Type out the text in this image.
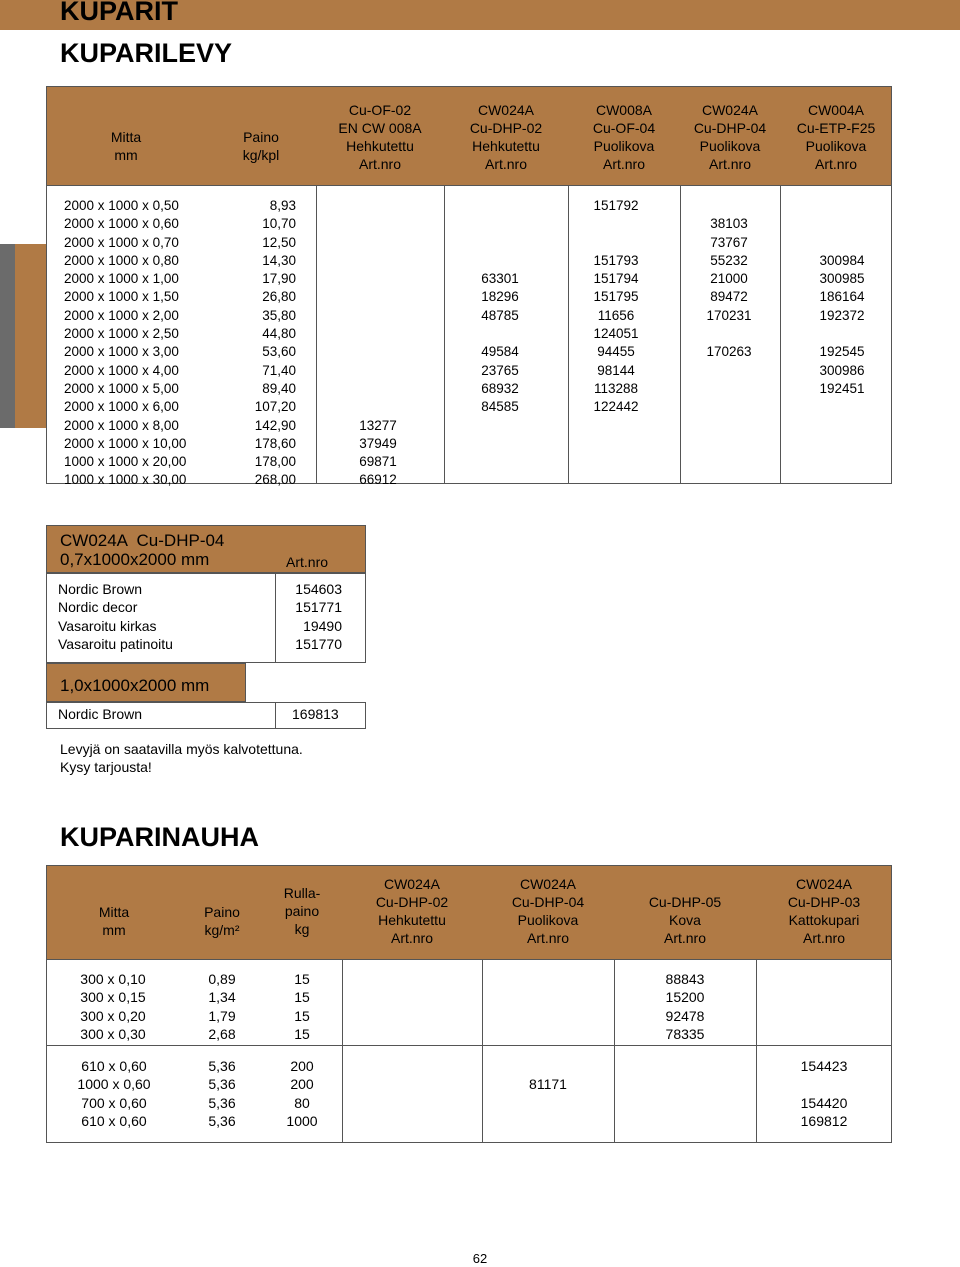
KUPARIT
KUPARILEVY
Mitta
mm
Paino
kg/kpl
Cu-OF-02
EN CW 008A
Hehkutettu
Art.nro
CW024A
Cu-DHP-02
Hehkutettu
Art.nro
CW008A
Cu-OF-04
Puolikova
Art.nro
CW024A
Cu-DHP-04
Puolikova
Art.nro
CW004A
Cu-ETP-F25
Puolikova
Art.nro
2000 x 1000 x 0,50
2000 x 1000 x 0,60
2000 x 1000 x 0,70
2000 x 1000 x 0,80
2000 x 1000 x 1,00
2000 x 1000 x 1,50
2000 x 1000 x 2,00
2000 x 1000 x 2,50
2000 x 1000 x 3,00
2000 x 1000 x 4,00
2000 x 1000 x 5,00
2000 x 1000 x 6,00
2000 x 1000 x 8,00
2000 x 1000 x 10,00
1000 x 1000 x 20,00
1000 x 1000 x 30,00
8,93
10,70
12,50
14,30
17,90
26,80
35,80
44,80
53,60
71,40
89,40
107,20
142,90
178,60
178,00
268,00

13277
37949
69871
66912

63301
18296
48785

49584
23765
68932
84585
151792

151793
151794
151795
11656
124051
94455
98144
113288
122442

38103
73767
55232
21000
89472
170231

170263

300984
300985
186164
192372

192545
300986
192451
CW024A  Cu-DHP-04
0,7x1000x2000 mm	Art.nro
Nordic Brown
Nordic decor
Vasaroitu kirkas
Vasaroitu patinoitu
154603
151771
19490
151770
1,0x1000x2000 mm
Nordic Brown	169813
Levyjä on saatavilla myös kalvotettuna.
Kysy tarjousta!
KUPARINAUHA
Mitta
mm
Paino
kg/m²
Rulla-
paino
kg
CW024A
Cu-DHP-02
Hehkutettu
Art.nro
CW024A
Cu-DHP-04
Puolikova
Art.nro
Cu-DHP-05
Kova
Art.nro
CW024A
Cu-DHP-03
Kattokupari
Art.nro
300 x 0,10
300 x 0,15
300 x 0,20
300 x 0,30
0,89
1,34
1,79
2,68
15
15
15
15
88843
15200
92478
78335
610 x 0,60
1000 x 0,60
700 x 0,60
610 x 0,60
5,36
5,36
5,36
5,36
200
200
80
1000
81171
154423

154420
169812
62
